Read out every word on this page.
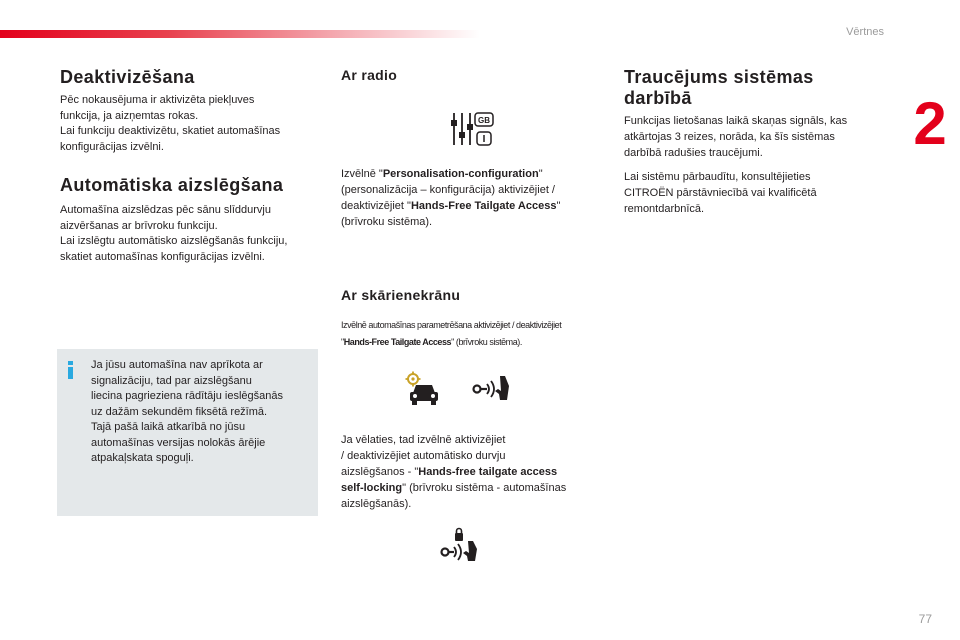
Vērtnes
2
Deaktivizēšana

Pēc nokausējuma ir aktivizēta piekļuves

funkcija, ja aizņemtas rokas.

Lai funkciju deaktivizētu, skatiet automašīnas

konfigurācijas izvēlni.

Automātiska aizslēgšana

Automašīna aizslēdzas pēc sānu slīddurvju

aizvēršanas ar brīvroku funkciju.

Lai izslēgtu automātisko aizslēgšanās funkciju,

skatiet automašīnas konfigurācijas izvēlni.

Ja jūsu automašīna nav aprīkota ar

signalizāciju, tad par aizslēgšanu

liecina pagrieziena rādītāju ieslēgšanās

uz dažām sekundēm fiksētā režīmā.

Tajā pašā laikā atkarībā no jūsu

automašīnas versijas nolokās ārējie

atpakaļskata spoguļi.

Ar radio
GB

Izvēlnē "Personalisation-configuration"

(personalizācija – konfigurācija) aktivizējiet /

deaktivizējiet "Hands-Free Tailgate Access"

(brīvroku sistēma).

Ar skārienekrānu
Izvēlnē automašīnas parametrēšana aktivizējiet / deaktivizējiet
"Hands-Free Tailgate Access" (brīvroku sistēma).

Ja vēlaties, tad izvēlnē aktivizējiet

/ deaktivizējiet automātisko durvju

aizslēgšanos - "Hands-free tailgate access

self-locking" (brīvroku sistēma - automašīnas

aizslēgšanās).

Traucējums sistēmas
darbībā

Funkcijas lietošanas laikā skaņas signāls, kas

atkārtojas 3 reizes, norāda, ka šīs sistēmas

darbībā radušies traucējumi.

Lai sistēmu pārbaudītu, konsultējieties

CITROËN pārstāvniecībā vai kvalificētā

remontdarbnīcā.

77
